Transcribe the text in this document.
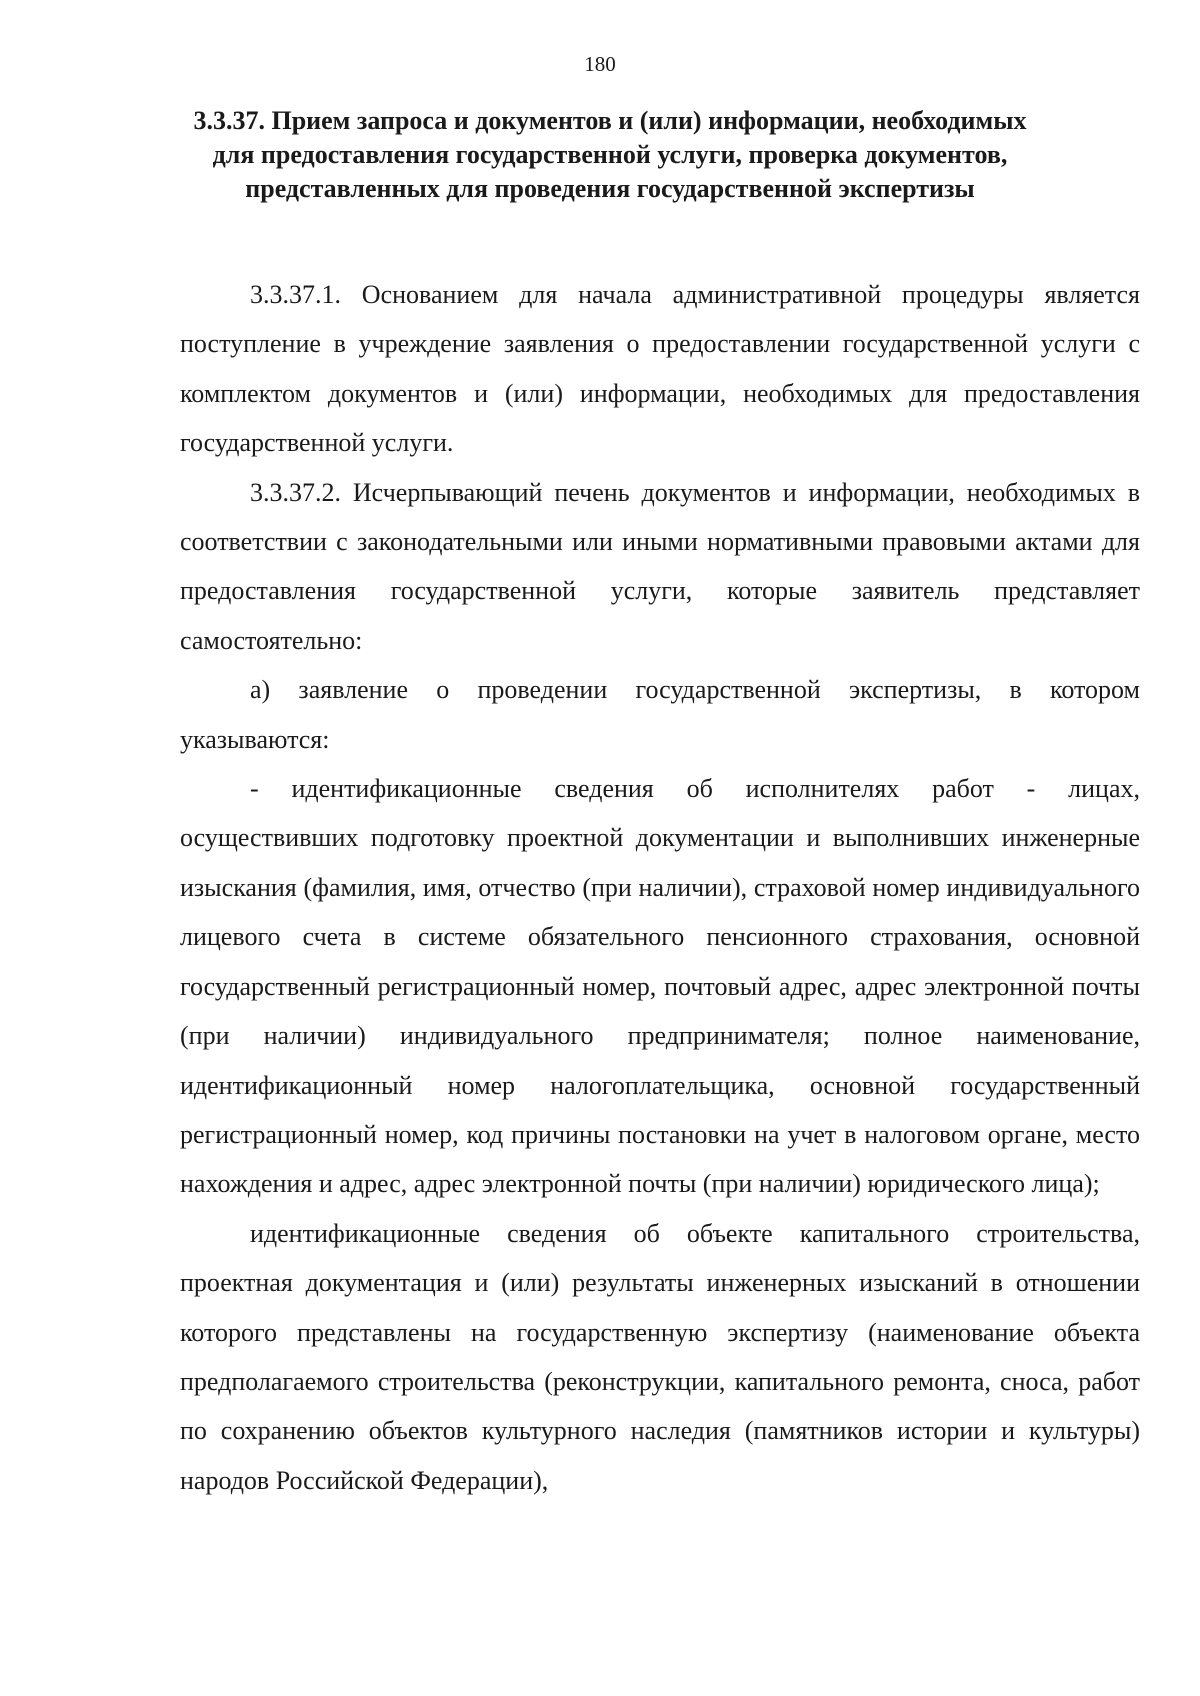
180
3.3.37. Прием запроса и документов и (или) информации, необходимых для предоставления государственной услуги, проверка документов, представленных для проведения государственной экспертизы

3.3.37.1. Основанием для начала административной процедуры является поступление в учреждение заявления о предоставлении государственной услуги с комплектом документов и (или) информации, необходимых для предоставления государственной услуги.

3.3.37.2. Исчерпывающий печень документов и информации, необходимых в соответствии с законодательными или иными нормативными правовыми актами для предоставления государственной услуги, которые заявитель представляет самостоятельно:

а) заявление о проведении государственной экспертизы, в котором указываются:

- идентификационные сведения об исполнителях работ - лицах, осуществивших подготовку проектной документации и выполнивших инженерные изыскания (фамилия, имя, отчество (при наличии), страховой номер индивидуального лицевого счета в системе обязательного пенсионного страхования, основной государственный регистрационный номер, почтовый адрес, адрес электронной почты (при наличии) индивидуального предпринимателя; полное наименование, идентификационный номер налогоплательщика, основной государственный регистрационный номер, код причины постановки на учет в налоговом органе, место нахождения и адрес, адрес электронной почты (при наличии) юридического лица);

идентификационные сведения об объекте капитального строительства, проектная документация и (или) результаты инженерных изысканий в отношении которого представлены на государственную экспертизу (наименование объекта предполагаемого строительства (реконструкции, капитального ремонта, сноса, работ по сохранению объектов культурного наследия (памятников истории и культуры) народов Российской Федерации),
